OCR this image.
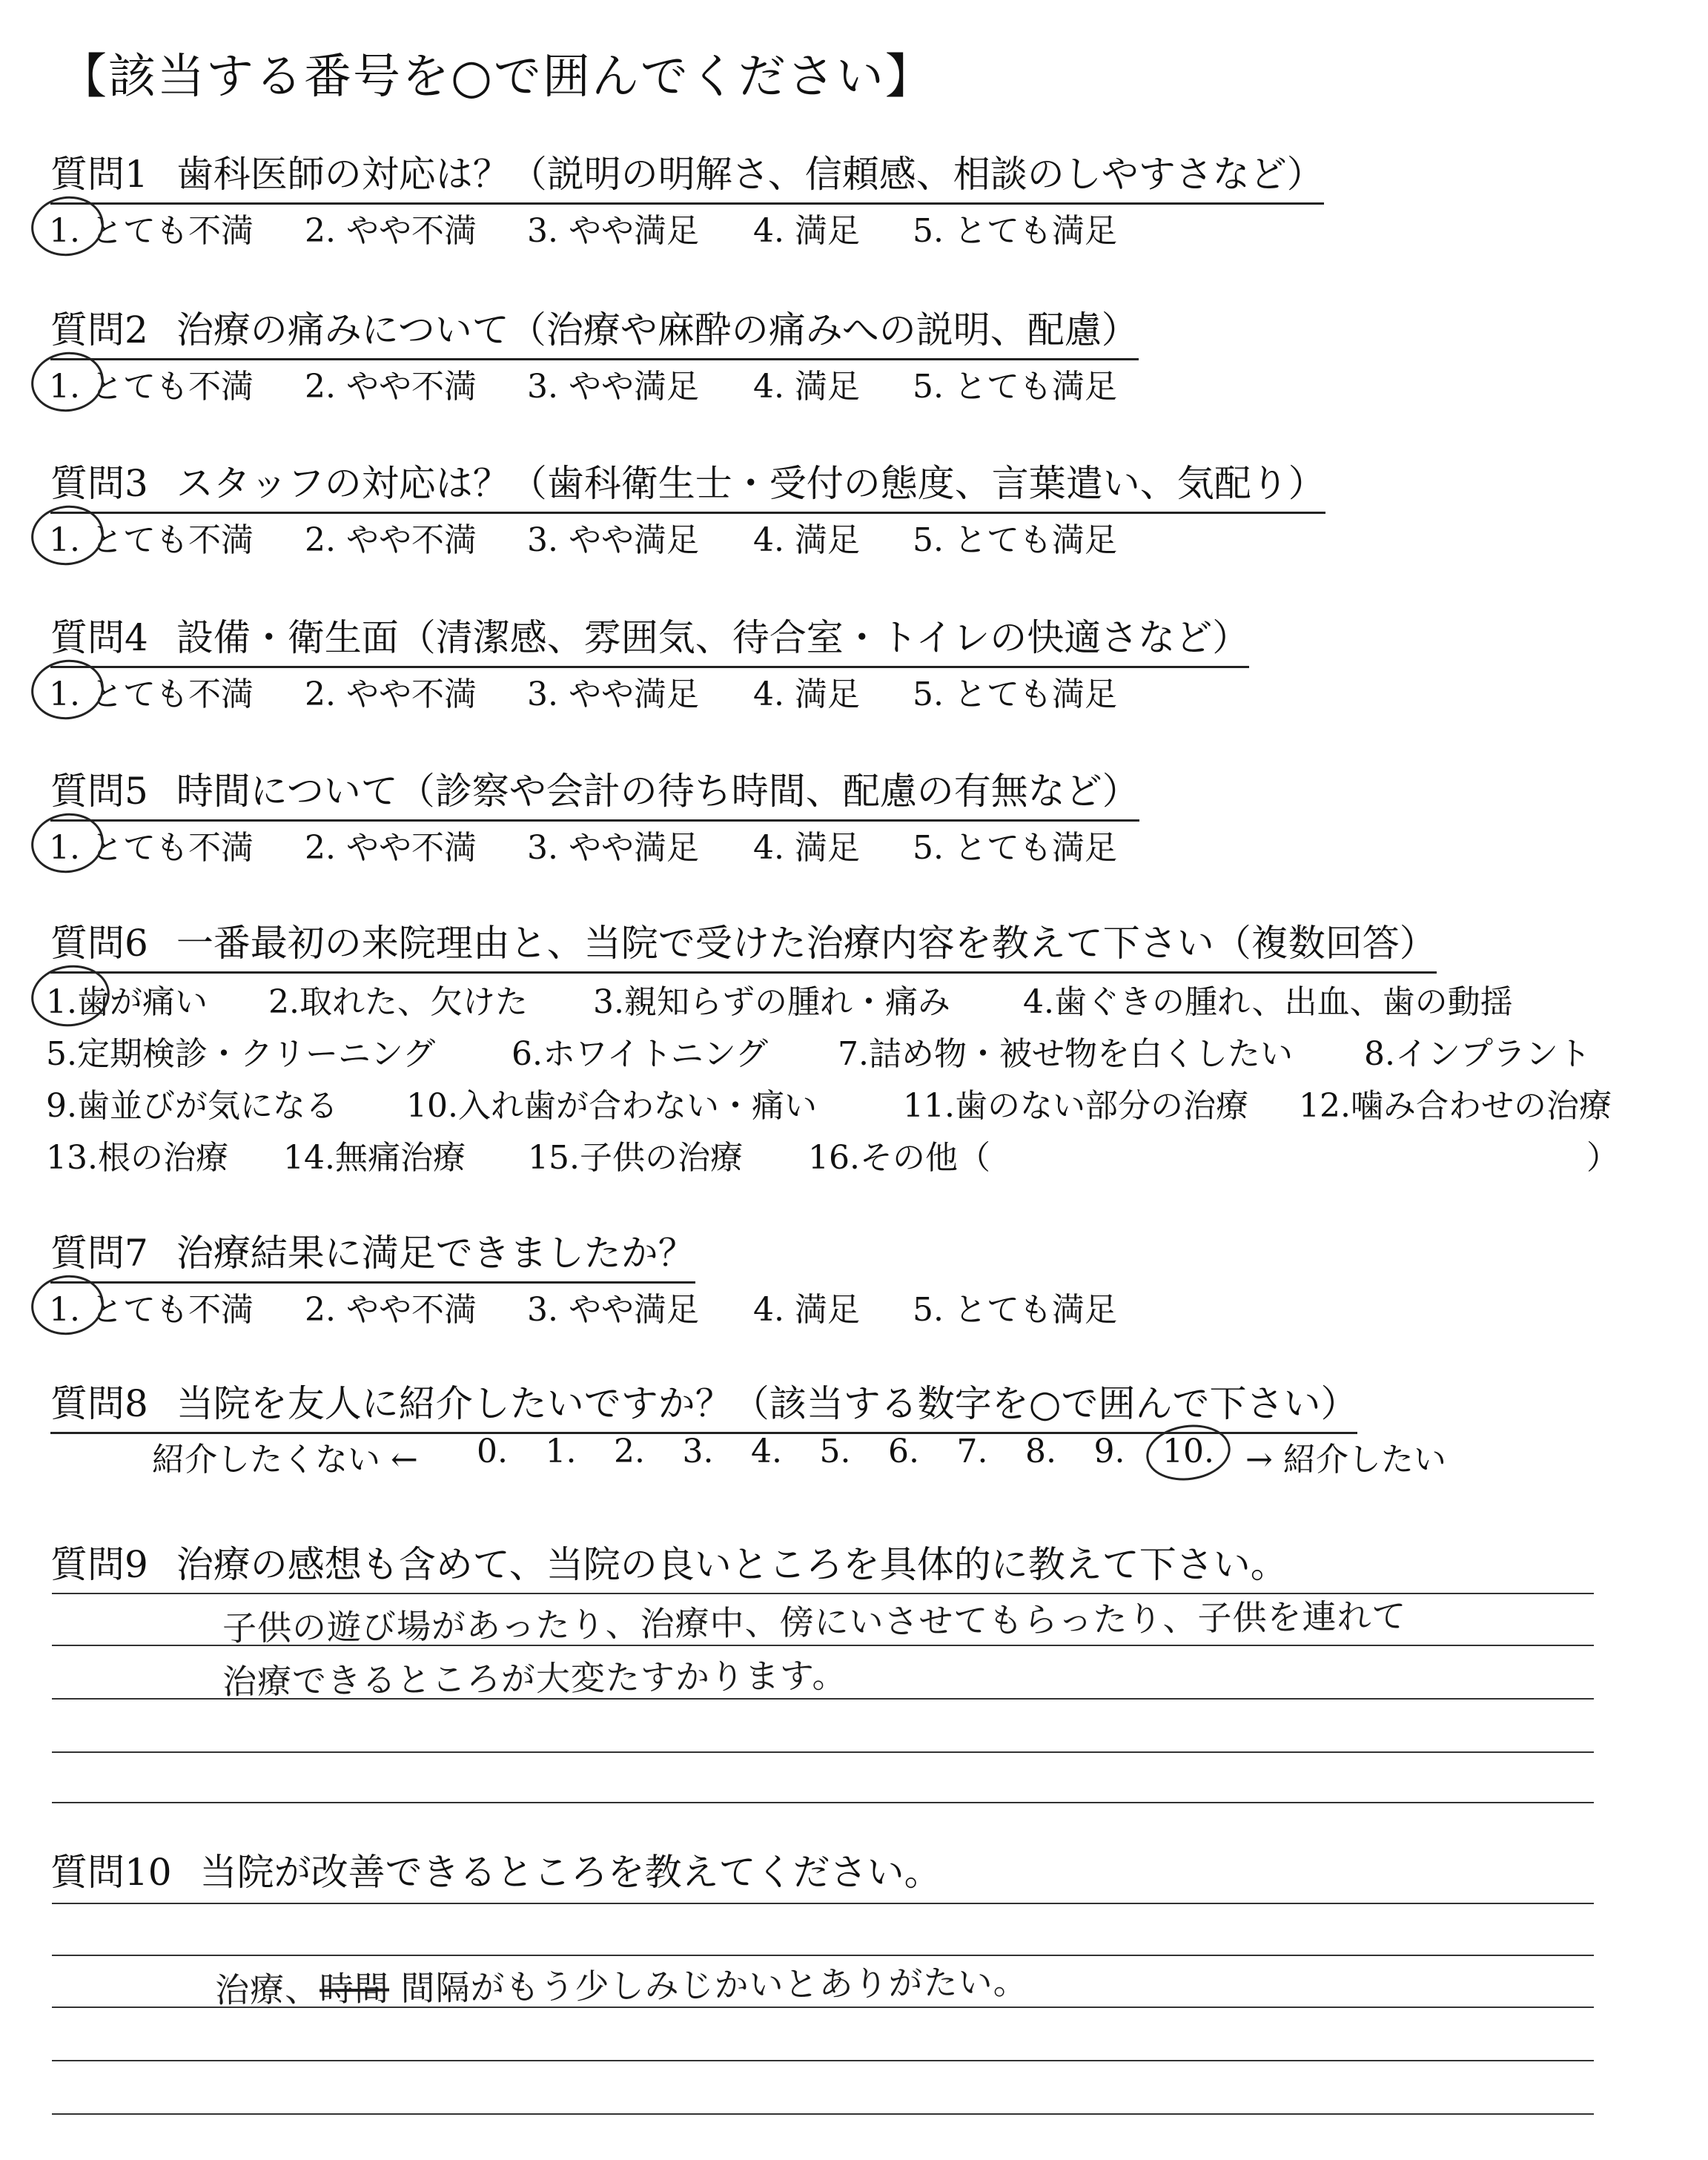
【該当する番号を○で囲んでください】
質問1 歯科医師の対応は？（説明の明解さ、信頼感、相談のしやすさなど）
1. とても不満 2. やや不満 3. やや満足 4. 満足 5. とても満足
質問2 治療の痛みについて（治療や麻酔の痛みへの説明、配慮）
1. とても不満 2. やや不満 3. やや満足 4. 満足 5. とても満足
質問3 スタッフの対応は？（歯科衛生士・受付の態度、言葉遣い、気配り）
1. とても不満 2. やや不満 3. やや満足 4. 満足 5. とても満足
質問4 設備・衛生面（清潔感、雰囲気、待合室・トイレの快適さなど）
1. とても不満 2. やや不満 3. やや満足 4. 満足 5. とても満足
質問5 時間について（診察や会計の待ち時間、配慮の有無など）
1. とても不満 2. やや不満 3. やや満足 4. 満足 5. とても満足
質問7 治療結果に満足できましたか？
1. とても不満 2. やや不満 3. やや満足 4. 満足 5. とても満足
質問6 一番最初の来院理由と、当院で受けた治療内容を教えて下さい（複数回答）
1.歯が痛い 2.取れた、欠けた 3.親知らずの腫れ・痛み 4.歯ぐきの腫れ、出血、歯の動揺
5.定期検診・クリーニング 6.ホワイトニング 7.詰め物・被せ物を白くしたい 8.インプラント
9.歯並びが気になる 10.入れ歯が合わない・痛い	11.歯のない部分の治療 12.噛み合わせの治療
13.根の治療 14.無痛治療 15.子供の治療 16.その他（	）
質問8 当院を友人に紹介したいですか？（該当する数字を○で囲んで下さい）
紹介したくない ← 0. 1. 2. 3. 4. 5. 6. 7. 8. 9. 10. → 紹介したい
質問9 治療の感想も含めて、当院の良いところを具体的に教えて下さい。
子供の遊び場があったり、治療中、傍にいさせてもらったり、子供を連れて
治療できるところが大変たすかります。
質問10 当院が改善できるところを教えてください。
治療、時間 間隔がもう少しみじかいとありがたい。
